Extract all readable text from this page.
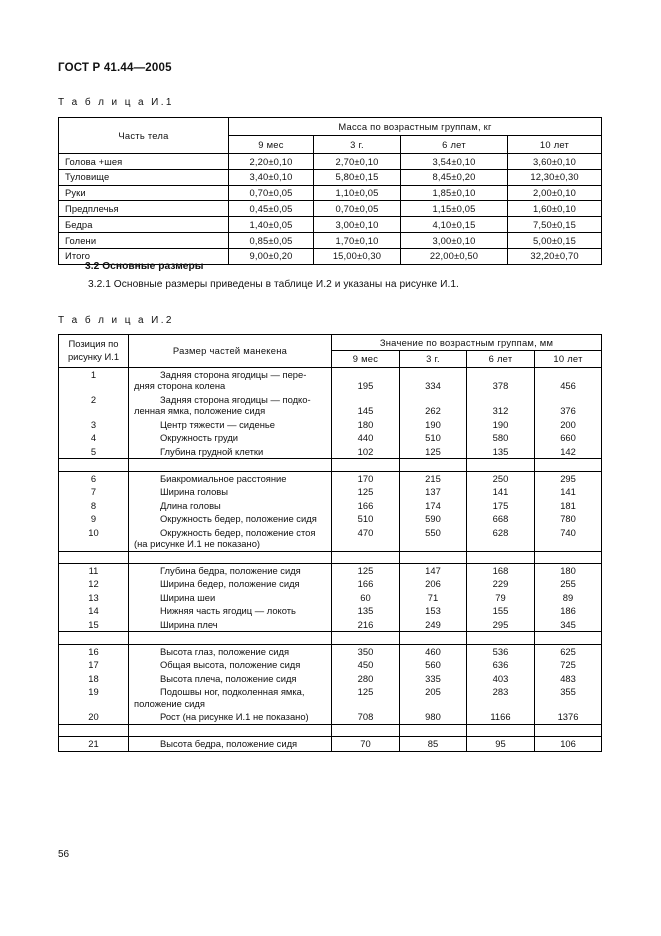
ГОСТ Р 41.44—2005
Т а б л и ц а И.1
Часть тела	Масса по возрастным группам, кг			
	9 мес	3 г.	6 лет	10 лет
Голова +шея	2,20±0,10	2,70±0,10	3,54±0,10	3,60±0,10
Туловище	3,40±0,10	5,80±0,15	8,45±0,20	12,30±0,30
Руки	0,70±0,05	1,10±0,05	1,85±0,10	2,00±0,10
Предплечья	0,45±0,05	0,70±0,05	1,15±0,05	1,60±0,10
Бедра	1,40±0,05	3,00±0,10	4,10±0,15	7,50±0,15
Голени	0,85±0,05	1,70±0,10	3,00±0,10	5,00±0,15
Итого	9,00±0,20	15,00±0,30	22,00±0,50	32,20±0,70
3.2 Основные размеры
3.2.1 Основные размеры приведены в таблице И.2 и указаны на рисунке И.1.
Т а б л и ц а И.2
Позиция по
рисунку И.1	Размер частей манекена	Значение по возрастным группам, мм			
		9 мес	3 г.	6 лет	10 лет
1	Задняя сторона ягодицы — пере-
дняя сторона колена	195	334	378	456

2	Задняя сторона ягодицы — подко-
ленная ямка, положение сидя	145	262	312	376

3	Центр тяжести — сиденье	180	190	190	200
4	Окружность груди	440	510	580	660
5	Глубина грудной клетки	102	125	135	142

6	Биакромиальное расстояние	170	215	250	295
7	Ширина головы	125	137	141	141
8	Длина головы	166	174	175	181
9	Окружность бедер, положение сидя	510	590	668	780
10	Окружность бедер, положение стоя
(на рисунке И.1 не показано)	470	550	628	740

11	Глубина бедра, положение сидя	125	147	168	180
12	Ширина бедер, положение сидя	166	206	229	255
13	Ширина шеи	60	71	79	89
14	Нижняя часть ягодиц — локоть	135	153	155	186
15	Ширина плеч	216	249	295	345

16	Высота глаз, положение сидя	350	460	536	625
17	Общая высота, положение сидя	450	560	636	725
18	Высота плеча, положение сидя	280	335	403	483
19	Подошвы ног, подколенная ямка,
положение сидя	125	205	283	355

20	Рост (на рисунке И.1 не показано)	708	980	1166	1376

21	Высота бедра, положение сидя	70	85	95	106
56
